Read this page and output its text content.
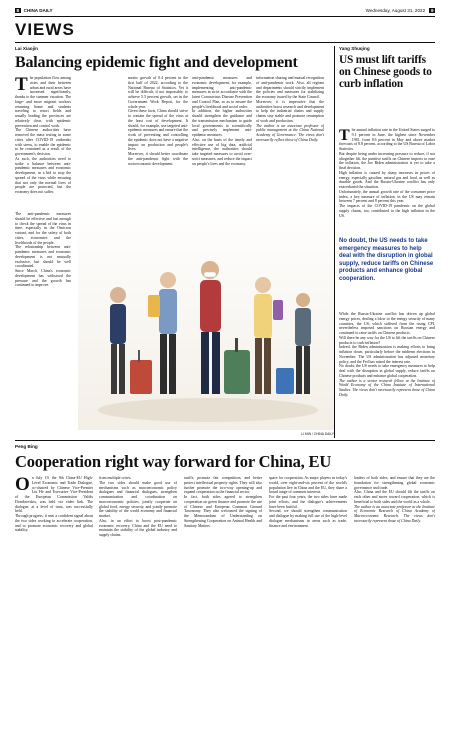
8 CHINA DAILY	Wednesday, August 31, 2022 9
VIEWS
Lai Xiaojin
Balancing epidemic fight and development
T he population flow among cities and their between urban and rural areas have increased significantly, thanks to the summer vacation. The large- and more migrant workers returning home and students traveling to resort fields and usually leading the provinces are relatively clear, with epidemic prevention and control work.

The Chinese authorities have removed the mass testing in some cities after COVID-19 outbreaks with stress, to enable the epidemic to be contained as a result of the government's decision.

As such, the authorities need to strike a balance between anti-pandemic measures and economic development, in a bid to stop the spread of the virus while ensuring that not only the normal lives of people are protected, but the economy does not suffer.

The anti-pandemic measures should be effective and fast enough to check the spread of the virus in time, especially in the Omicron variant, and for the safety of both cities, economies and the livelihoods of the people.

The relationship between anti-pandemic measures and economic development is not mutually exclusive, but should be well coordinated.

Since March, China's economic development has withstood the pressure and the growth has continued to improve.

mestic growth of 0.4 percent in the first half of 2022, according to the National Bureau of Statistics. Yet it will be difficult, if not impossible, to achieve 5.5 percent growth, set in the Government Work Report, for the whole year.

Given these facts, China should strive to contain the spread of the virus at the least cost of development. It should, for example, use targeted anti-epidemic measures and ensure that the work of preventing and controlling the epidemic does not have a negative impact on production and people's lives.

Moreover, it should better coordinate the anti-pandemic fight with the socioeconomic development.

anti-pandemic measures and economic development, for example, implementing anti-pandemic measures in strict accordance with the latest Coronavirus Disease Prevention and Control Plan, so as to ensure the people's livelihood and social order.

In addition, the higher authorities should strengthen the guidance and the transmission mechanism to guide local governments to scientifically and precisely implement anti-epidemic measures.

Also, on the basis of the timely and effective use of big data, artificial intelligence, the authorities should take targeted measures to avoid over-strict measures, and reduce the impact on people's lives and the economy.

information sharing and mutual recognition of anti-pandemic work. Also, all regions and departments should strictly implement the policies and measures for stabilizing the economy issued by the State Council.

Moreover, it is imperative that the authorities boost research and development to help the industrial chains and supply chains stay stable and promote resumption of work and production.

The author is an associate professor of public management at the China National Academy of Governance. The views don't necessarily reflect those of China Daily.

LI MIN / CHINA DAILY
Yang Shuqing
US must lift tariffs on Chinese goods to curb inflation
T he annual inflation rate in the United States surged to 9.1 percent in June, the highest since November 1981, from 8.6 percent in May and above market forecasts of 8.8 percent, according to the US Bureau of Labor Statistics.

But despite being under increasing pressure to reduce, if not altogether lift, the punitive tariffs on Chinese imports to ease the inflation, the Joe Biden administration is yet to take a final decision.

High inflation is caused by sharp increases in prices of energy, especially gasoline, natural gas and food, as well as durable goods. And the Russia-Ukraine conflict has only exacerbated the situation.

Unfortunately, the annual growth rate of the consumer price index, a key measure of inflation, in the US may remain between 7 percent and 8 percent this year.

The impacts of the COVID-19 pandemic on the global supply chains, too, contributed to the high inflation in the US.

No doubt, the US needs to take emergency measures to help deal with the disruption in global supply, reduce tariffs on Chinese products and enhance global cooperation.

While the Russia-Ukraine conflict has driven up global energy prices, dealing a blow to the energy security of many countries, the US, which suffered from the rising CPI, nevertheless imposed sanctions on Russian energy and continued to raise tariffs on Chinese products.

Will there be any way for the US to lift the tariffs on Chinese products to curb inflation?

Indeed, the Biden administration is making efforts to bring inflation down, particularly before the midterm elections in November. The US administration has adjusted monetary policy, and the Fed has raised the interest rate.

No doubt, the US needs to take emergency measures to help deal with the disruption in global supply, reduce tariffs on Chinese products and enhance global cooperation.

The author is a senior research fellow at the Institute of World Economy of the China Institute of International Studies. The views don't necessarily represent those of China Daily.

Peng Bing
Cooperation right way forward for China, EU
O n July 19, the 9th China-EU High-Level Economic and Trade Dialogue, co-chaired by Chinese Vice-Premier Liu He and Executive Vice-President of the European Commission Valdis Dombrovskis, was held via video link. The dialogue, at a level of trust, was successfully held.

Through progress, it sent a confident signal about the two sides working to accelerate cooperation, and to promote economic recovery and global stability.

from multiple crises.

The two sides should make good use of mechanisms such as macroeconomic policy dialogues and financial dialogues, strengthen communication and coordination on macroeconomic policies, jointly cooperate on global food, energy security, and jointly promote the stability of the world economy and financial market.

Also, in an effort to boost post-pandemic economic recovery, China and the EU need to maintain the stability of the global industry and supply chains.

tariffs, promote fair competition, and better protect intellectual property rights. They will also further promote the two-way opening-up and expand cooperation in the financial sector.

In fact, both sides agreed to strengthen cooperation on green finance and promote the use of Chinese and European Common Ground Taxonomy. They also welcomed the signing of the Memorandum of Understanding on Strengthening Cooperation on Animal Health and Sanitary Matters.

space for cooperation. As major players in today's world, over eight-and-six percent of the world's population live in China and the EU, they share a broad range of common interests.

For the past four years, the two sides have made joint efforts, and the dialogue's achievements have been fruitful.

Second, we should strengthen communication and dialogue by making full use of the high-level dialogue mechanisms in areas such as trade, finance and environment.

leaders of both sides, and ensure that they are the foundation for strengthening global economic governance and trade.

Also, China and the EU should lift the tariffs on each other and move toward cooperation, which is beneficial to both sides and the world as a whole.

The author is an associate professor at the Institute of Economic Research of China Academy of Macroeconomic Research. The views don't necessarily represent those of China Daily.
